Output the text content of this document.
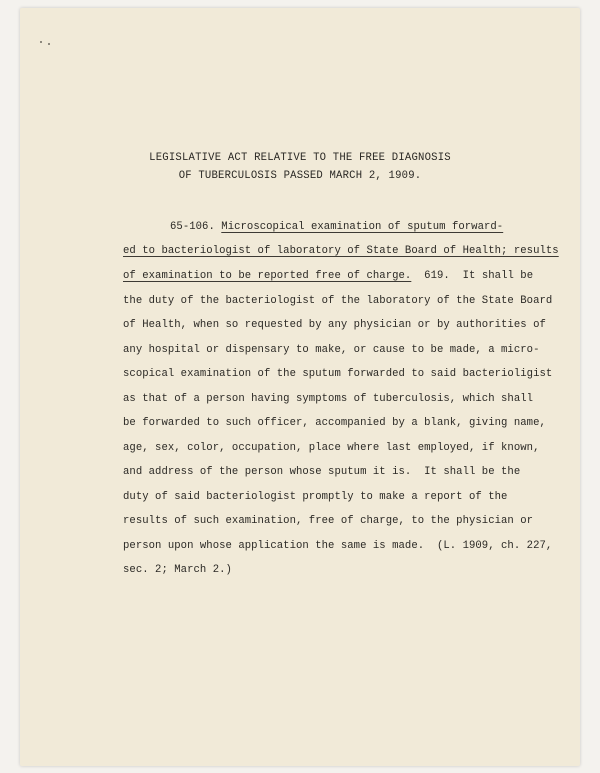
LEGISLATIVE ACT RELATIVE TO THE FREE DIAGNOSIS
OF TUBERCULOSIS PASSED MARCH 2, 1909.
65-106. Microscopical examination of sputum forward-
ed to bacteriologist of laboratory of State Board of Health; results
of examination to be reported free of charge. 619. It shall be
the duty of the bacteriologist of the laboratory of the State Board
of Health, when so requested by any physician or by authorities of
any hospital or dispensary to make, or cause to be made, a micro-
scopical examination of the sputum forwarded to said bacterioligist
as that of a person having symptoms of tuberculosis, which shall
be forwarded to such officer, accompanied by a blank, giving name,
age, sex, color, occupation, place where last employed, if known,
and address of the person whose sputum it is.  It shall be the
duty of said bacteriologist promptly to make a report of the
results of such examination, free of charge, to the physician or
person upon whose application the same is made.  (L. 1909, ch. 227,
sec. 2; March 2.)
